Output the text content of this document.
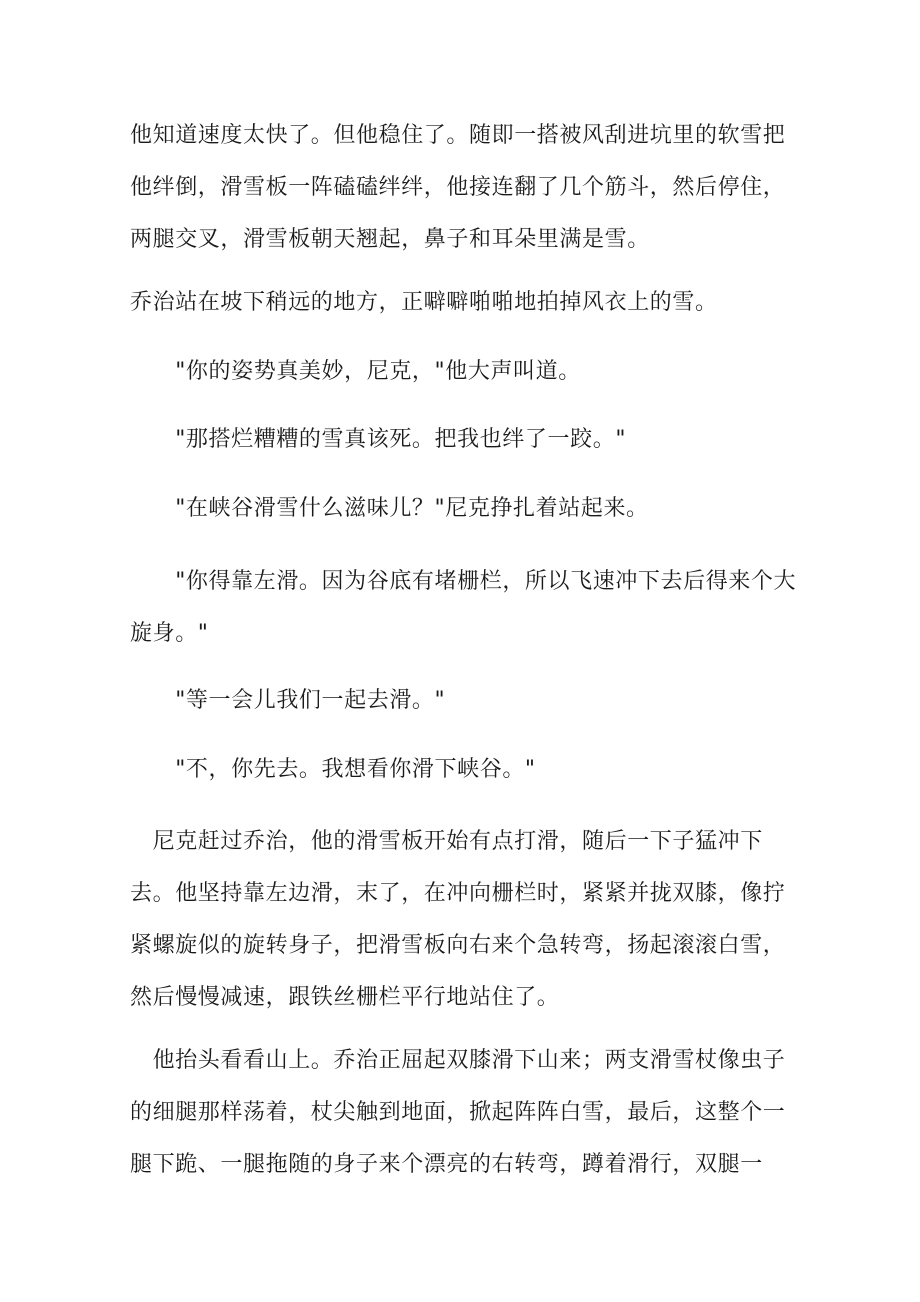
他知道速度太快了。但他稳住了。随即一搭被风刮进坑里的软雪把他绊倒，滑雪板一阵磕磕绊绊，他接连翻了几个筋斗，然后停住，两腿交叉，滑雪板朝天翘起，鼻子和耳朵里满是雪。

乔治站在坡下稍远的地方，正噼噼啪啪地拍掉风衣上的雪。

　　"你的姿势真美妙，尼克，"他大声叫道。

　　"那搭烂糟糟的雪真该死。把我也绊了一跤。"

　　"在峡谷滑雪什么滋味儿？"尼克挣扎着站起来。

　　"你得靠左滑。因为谷底有堵栅栏，所以飞速冲下去后得来个大旋身。"

　　"等一会儿我们一起去滑。"

　　"不，你先去。我想看你滑下峡谷。"

　尼克赶过乔治，他的滑雪板开始有点打滑，随后一下子猛冲下去。他坚持靠左边滑，末了，在冲向栅栏时，紧紧并拢双膝，像拧紧螺旋似的旋转身子，把滑雪板向右来个急转弯，扬起滚滚白雪，然后慢慢减速，跟铁丝栅栏平行地站住了。

　他抬头看看山上。乔治正屈起双膝滑下山来；两支滑雪杖像虫子的细腿那样荡着，杖尖触到地面，掀起阵阵白雪，最后，这整个一腿下跪、一腿拖随的身子来个漂亮的右转弯，蹲着滑行，双腿一
